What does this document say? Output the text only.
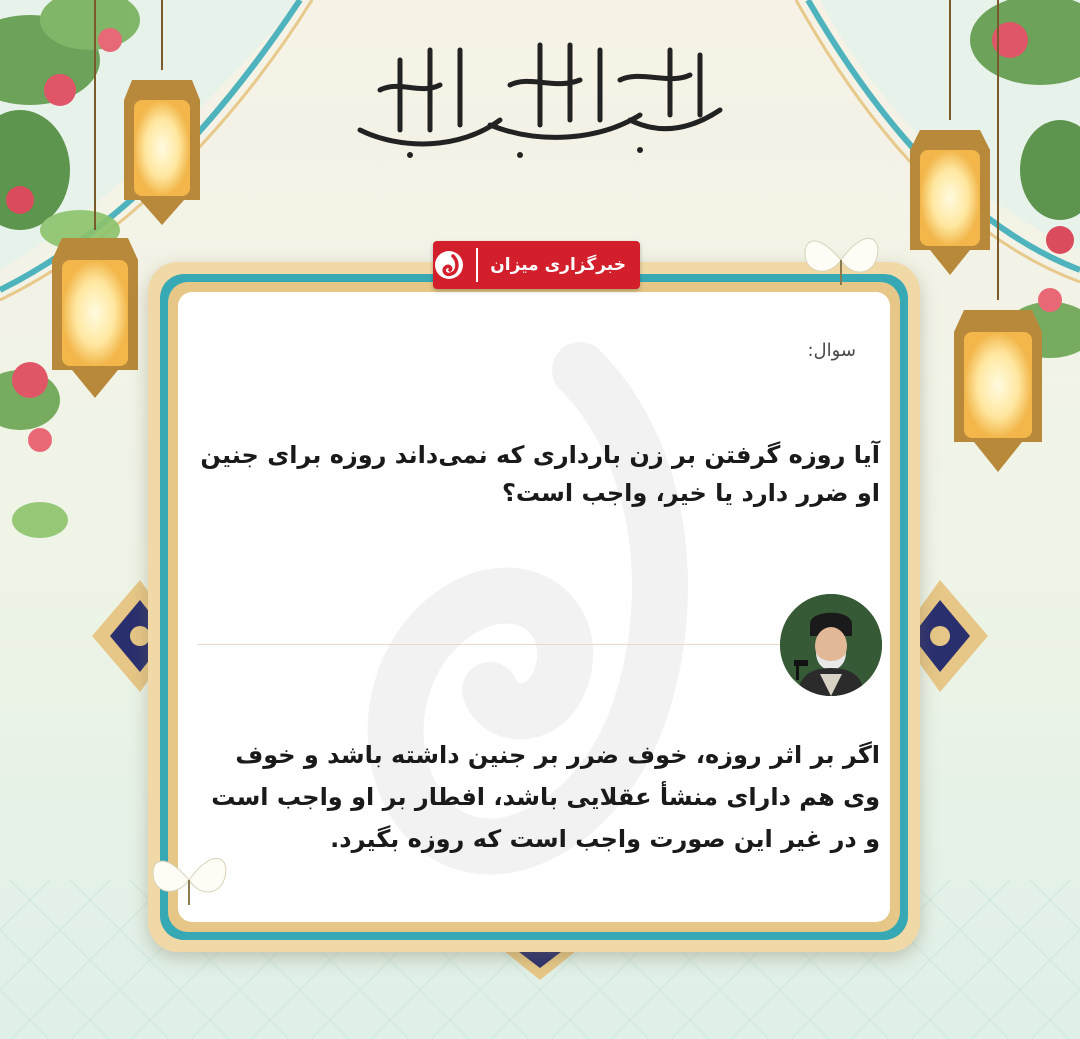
خبرگزاری میزان
سوال:

آیا روزه گرفتن بر زن بارداری که نمی‌داند روزه برای جنین او ضرر دارد یا خیر، واجب است؟

اگر بر اثر روزه، خوف ضرر بر جنین داشته باشد و خوف وی هم دارای منشأ عقلایی باشد، افطار بر او واجب است و در غیر این صورت واجب است که روزه بگیرد.
